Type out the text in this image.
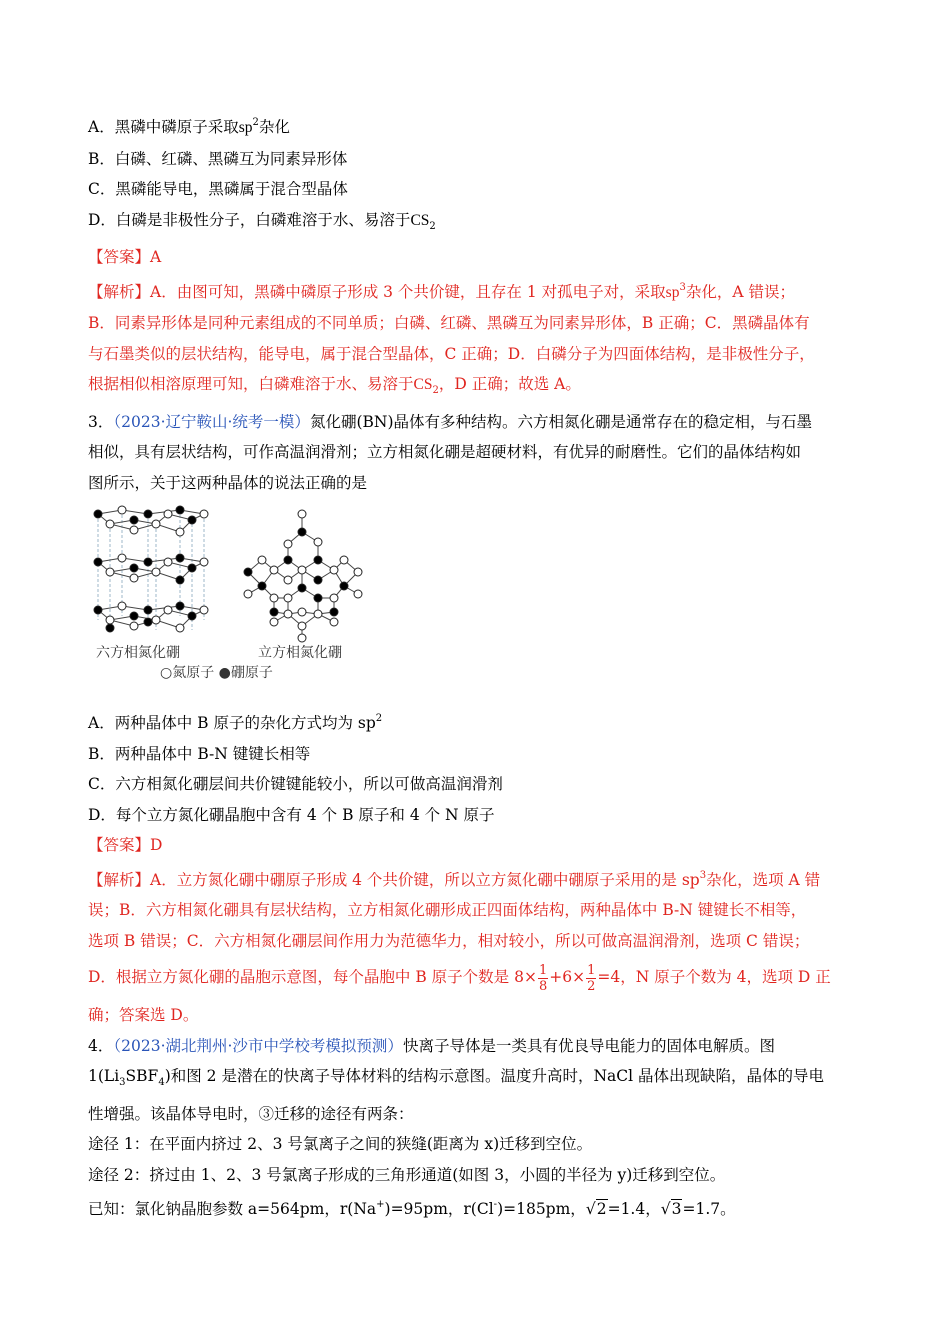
A．黑磷中磷原子采取$sp^2$杂化
B．白磷、红磷、黑磷互为同素异形体
C．黑磷能导电，黑磷属于混合型晶体
D．白磷是非极性分子，白磷难溶于水、易溶于$CS_2$
【答案】A
【解析】A．由图可知，黑磷中磷原子形成 3 个共价键，且存在 1 对孤电子对，采取$sp^3$杂化，A 错误；
B．同素异形体是同种元素组成的不同单质；白磷、红磷、黑磷互为同素异形体，B 正确；C．黑磷晶体有
与石墨类似的层状结构，能导电，属于混合型晶体，C 正确；D．白磷分子为四面体结构，是非极性分子，
根据相似相溶原理可知，白磷难溶于水、易溶于$CS_2$，D 正确；故选 A。
3．（2023·辽宁鞍山·统考一模）氮化硼(BN)晶体有多种结构。六方相氮化硼是通常存在的稳定相，与石墨
相似，具有层状结构，可作高温润滑剂；立方相氮化硼是超硬材料，有优异的耐磨性。它们的晶体结构如
图所示，关于这两种晶体的说法正确的是
六方相氮化硼	立方相氮化硼
○氮原子 ●硼原子
A．两种晶体中 B 原子的杂化方式均为 $sp^2$
B．两种晶体中 B-N 键键长相等
C．六方相氮化硼层间共价键键能较小，所以可做高温润滑剂
D．每个立方氮化硼晶胞中含有 4 个 B 原子和 4 个 N 原子
【答案】D
【解析】A．立方氮化硼中硼原子形成 4 个共价键，所以立方氮化硼中硼原子采用的是 $sp^3$杂化，选项 A 错
误；B．六方相氮化硼具有层状结构，立方相氮化硼形成正四面体结构，两种晶体中 B-N 键键长不相等，
选项 B 错误；C．六方相氮化硼层间作用力为范德华力，相对较小，所以可做高温润滑剂，选项 C 错误；
D．根据立方氮化硼的晶胞示意图，每个晶胞中 B 原子个数是 $8\times \frac{1}{8} +6\times \frac{1}{2} =4$，N 原子个数为 4，选项 D 正
确；答案选 D。
4．（2023·湖北荆州·沙市中学校考模拟预测）快离子导体是一类具有优良导电能力的固体电解质。图
$1(Li_3SBF_4)$和图 2 是潜在的快离子导体材料的结构示意图。温度升高时，NaCl 晶体出现缺陷，晶体的导电
性增强。该晶体导电时，③迁移的途径有两条：
途径 1：在平面内挤过 2、3 号氯离子之间的狭缝(距离为 x)迁移到空位。
途径 2：挤过由 1、2、3 号氯离子形成的三角形通道(如图 3，小圆的半径为 y)迁移到空位。
已知：氯化钠晶胞参数 a=564pm，r(Na+)=95pm，r(Cl-)=185pm，√2=1.4，√3=1.7。
